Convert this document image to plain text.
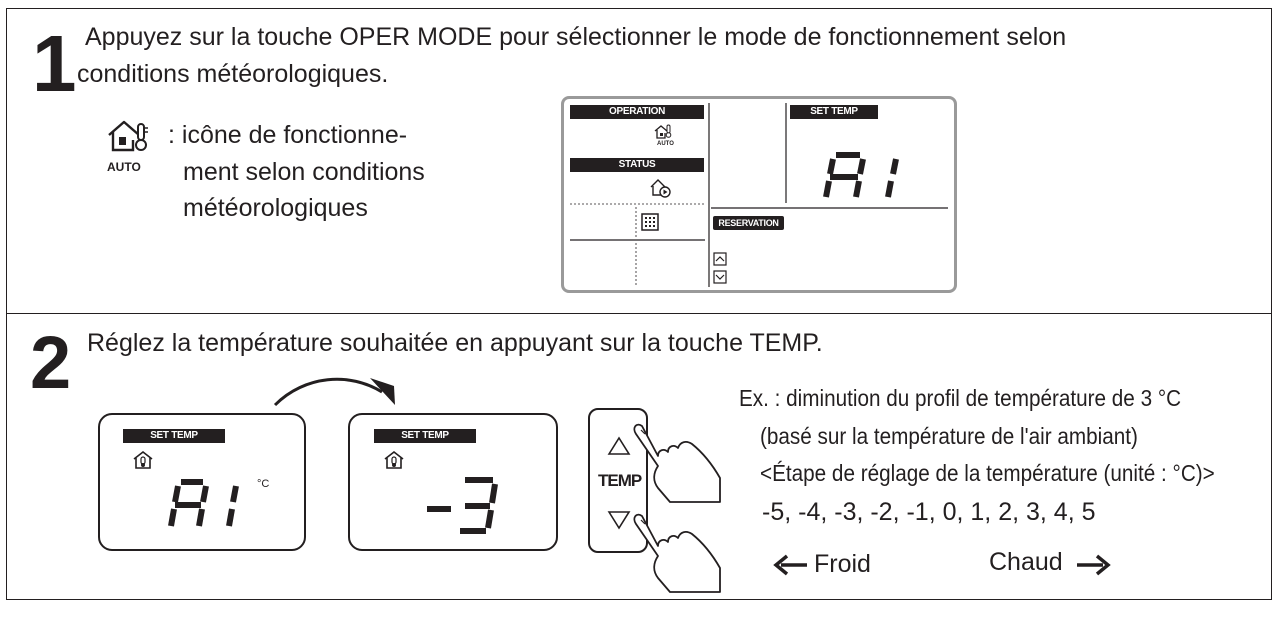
1 Appuyez sur la touche OPER MODE pour sélectionner le mode de fonctionnement selon
conditions météorologiques.
AUTO
: icône de fonctionne-
ment selon conditions
météorologiques
OPERATION
AUTO
STATUS
SET TEMP
RESERVATION
2 Réglez la température souhaitée en appuyant sur la touche TEMP.
SET TEMP
°C
SET TEMP
TEMP
Ex. : diminution du profil de température de 3 °C
(basé sur la température de l'air ambiant)
<Étape de réglage de la température (unité : °C)>
-5, -4, -3, -2, -1, 0, 1, 2, 3, 4, 5
Froid	Chaud
